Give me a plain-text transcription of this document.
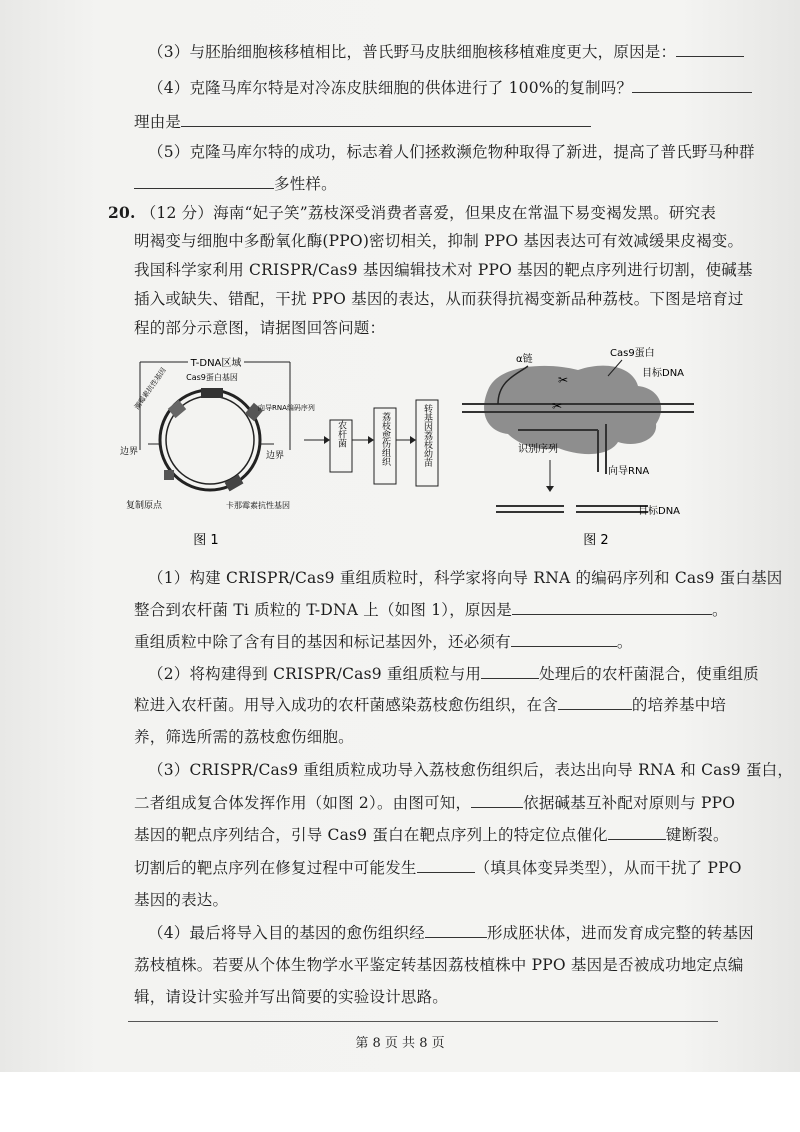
（3）与胚胎细胞核移植相比，普氏野马皮肤细胞核移植难度更大，原因是：
（4）克隆马库尔特是对冷冻皮肤细胞的供体进行了 100%的复制吗？
理由是
（5）克隆马库尔特的成功，标志着人们拯救濒危物种取得了新进，提高了普氏野马种群
多性样。
20. （12 分）海南“妃子笑”荔枝深受消费者喜爱，但果皮在常温下易变褐发黑。研究表
明褐变与细胞中多酚氧化酶(PPO)密切相关，抑制 PPO 基因表达可有效减缓果皮褐变。
我国科学家利用 CRISPR/Cas9 基因编辑技术对 PPO 基因的靶点序列进行切割，使碱基
插入或缺失、错配，干扰 PPO 基因的表达，从而获得抗褐变新品种荔枝。下图是培育过
程的部分示意图，请据图回答问题：
T-DNA区域
Cas9蛋白基因
潮霉素抗性基因	向导RNA编码序列
边界	边界
复制原点	卡那霉素抗性基因
农杆菌	荔枝愈伤组织	转基因荔枝幼苗
图 1
α链
✂
✂
Cas9蛋白
目标DNA
识别序列
向导RNA
目标DNA
图 2
（1）构建 CRISPR/Cas9 重组质粒时，科学家将向导 RNA 的编码序列和 Cas9 蛋白基因
整合到农杆菌 Ti 质粒的 T-DNA 上（如图 1），原因是	。
重组质粒中除了含有目的基因和标记基因外，还必须有	。
（2）将构建得到 CRISPR/Cas9 重组质粒与用	处理后的农杆菌混合，使重组质
粒进入农杆菌。用导入成功的农杆菌感染荔枝愈伤组织，在含	的培养基中培
养，筛选所需的荔枝愈伤细胞。
（3）CRISPR/Cas9 重组质粒成功导入荔枝愈伤组织后，表达出向导 RNA 和 Cas9 蛋白，
二者组成复合体发挥作用（如图 2）。由图可知，	依据碱基互补配对原则与 PPO
基因的靶点序列结合，引导 Cas9 蛋白在靶点序列上的特定位点催化	键断裂。
切割后的靶点序列在修复过程中可能发生	（填具体变异类型），从而干扰了 PPO
基因的表达。
（4）最后将导入目的基因的愈伤组织经	形成胚状体，进而发育成完整的转基因
荔枝植株。若要从个体生物学水平鉴定转基因荔枝植株中 PPO 基因是否被成功地定点编
辑，请设计实验并写出简要的实验设计思路。
第 8 页 共 8 页
